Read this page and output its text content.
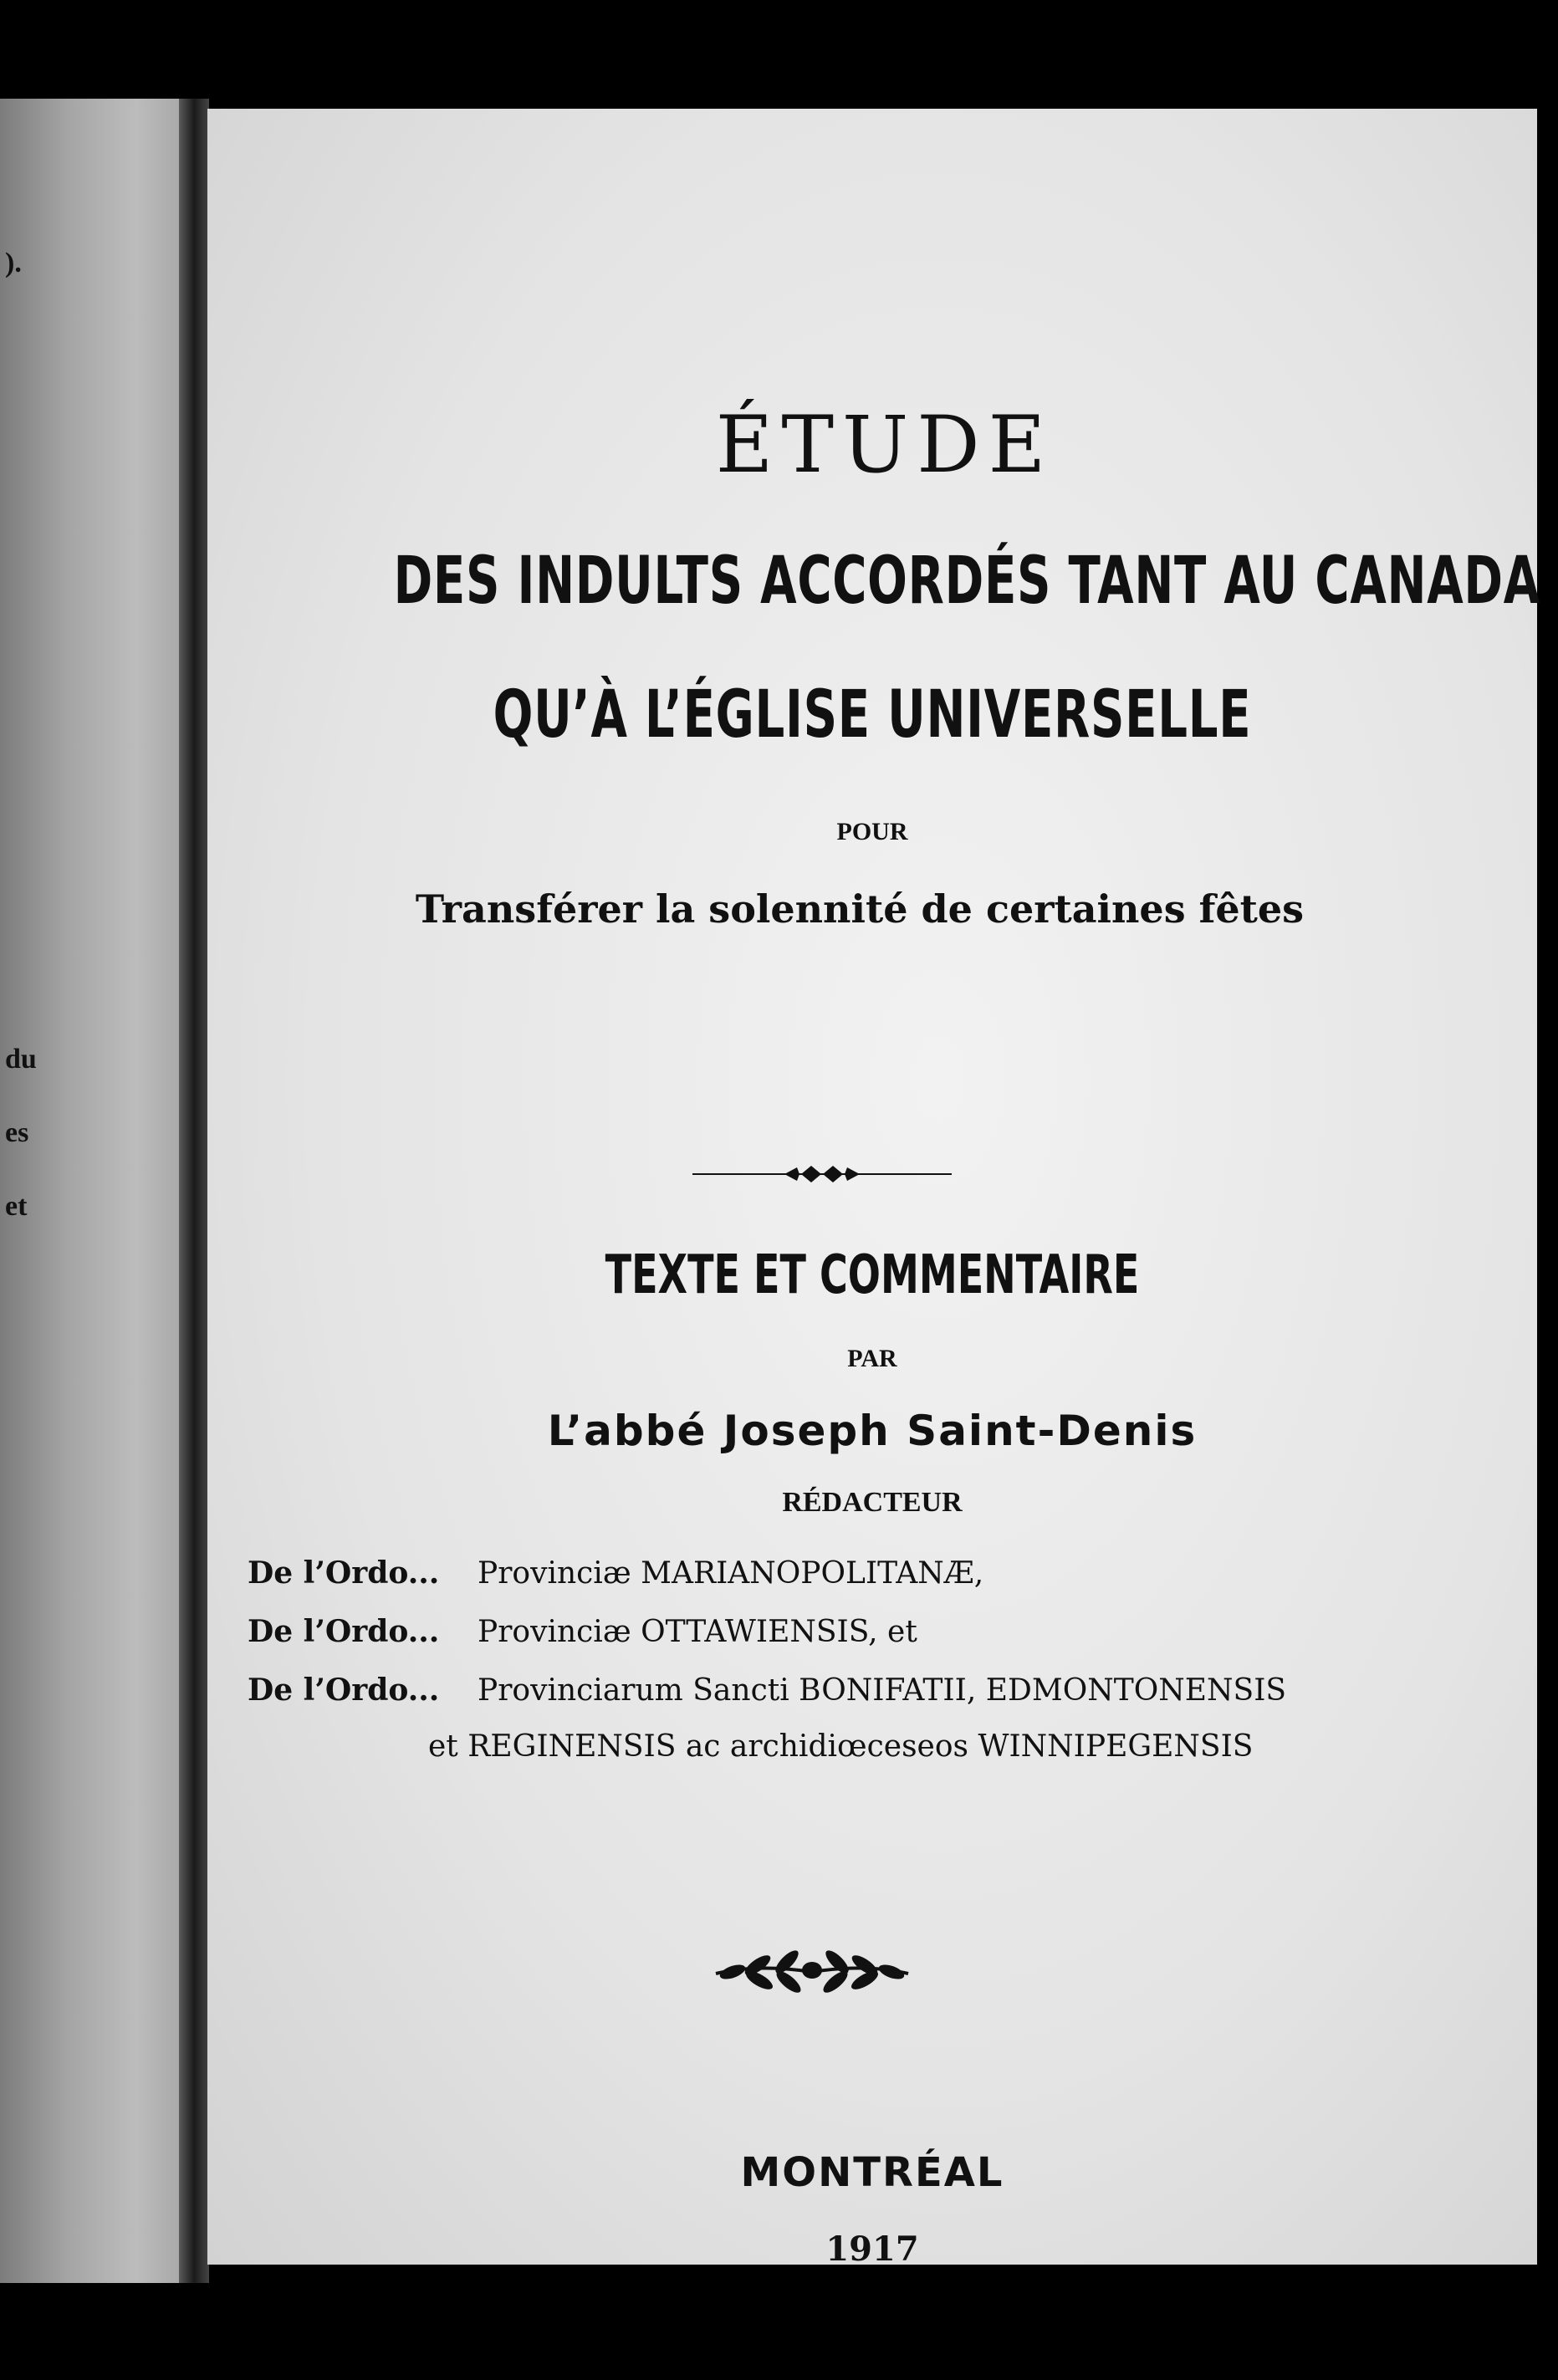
).
du
es
et
ÉTUDE
DES INDULTS ACCORDÉS TANT AU CANADA
QU’À L’ÉGLISE UNIVERSELLE
POUR
Transférer la solennité de certaines fêtes
TEXTE ET COMMENTAIRE
PAR
L’abbé Joseph Saint-Denis
RÉDACTEUR
De l’Ordo... Provinciæ MARIANOPOLITANÆ,
De l’Ordo... Provinciæ OTTAWIENSIS, et
De l’Ordo... Provinciarum Sancti BONIFATII, EDMONTONENSIS
et REGINENSIS ac archidiœceseos WINNIPEGENSIS
MONTRÉAL
1917
